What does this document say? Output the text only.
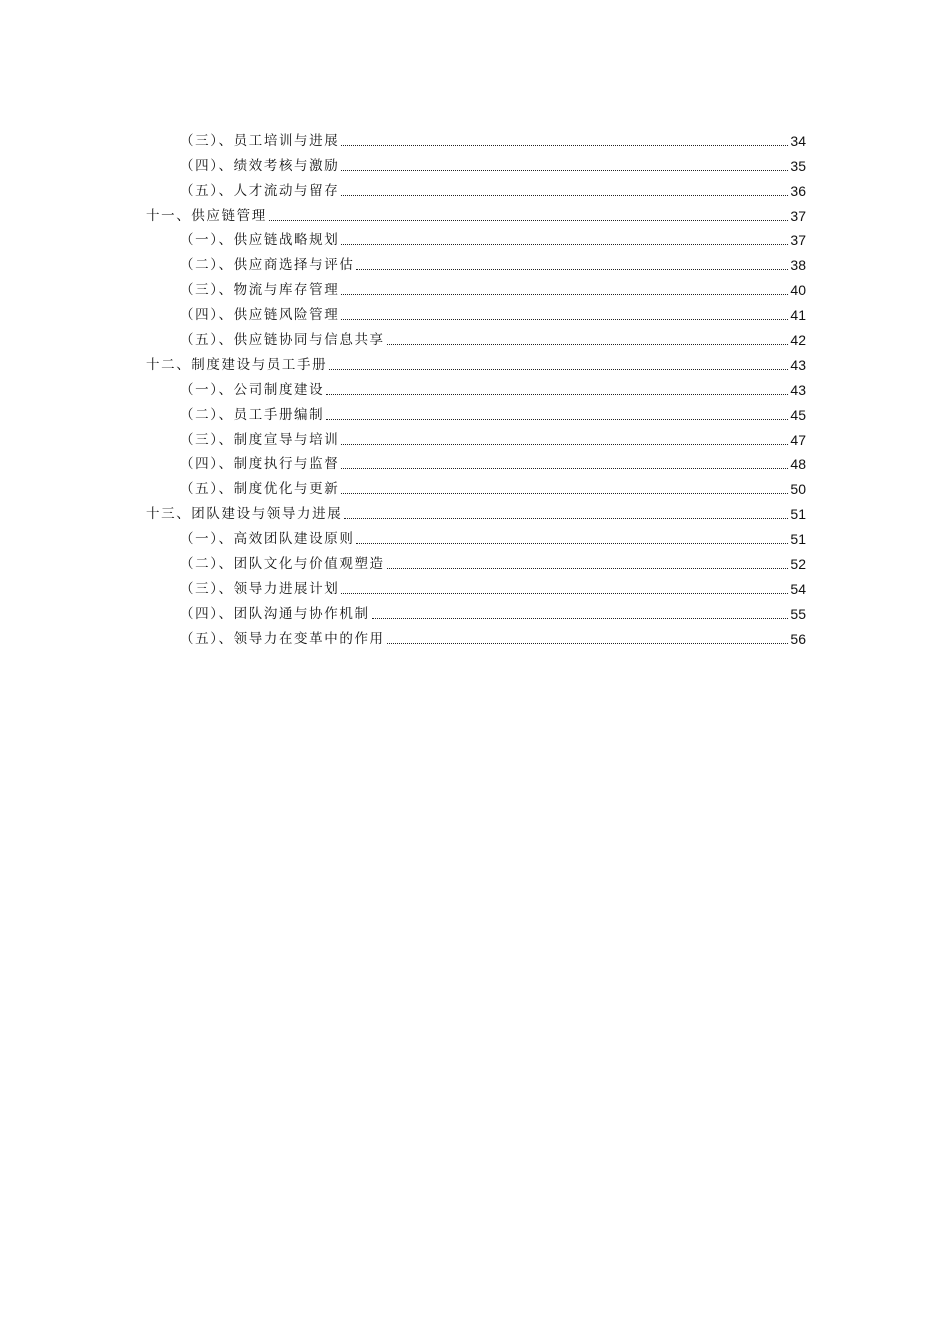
（三）、员工培训与进展	34
（四）、绩效考核与激励	35
（五）、人才流动与留存	36
十一、供应链管理	37
（一）、供应链战略规划	37
（二）、供应商选择与评估	38
（三）、物流与库存管理	40
（四）、供应链风险管理	41
（五）、供应链协同与信息共享	42
十二、制度建设与员工手册	43
（一）、公司制度建设	43
（二）、员工手册编制	45
（三）、制度宣导与培训	47
（四）、制度执行与监督	48
（五）、制度优化与更新	50
十三、团队建设与领导力进展	51
（一）、高效团队建设原则	51
（二）、团队文化与价值观塑造	52
（三）、领导力进展计划	54
（四）、团队沟通与协作机制	55
（五）、领导力在变革中的作用	56
